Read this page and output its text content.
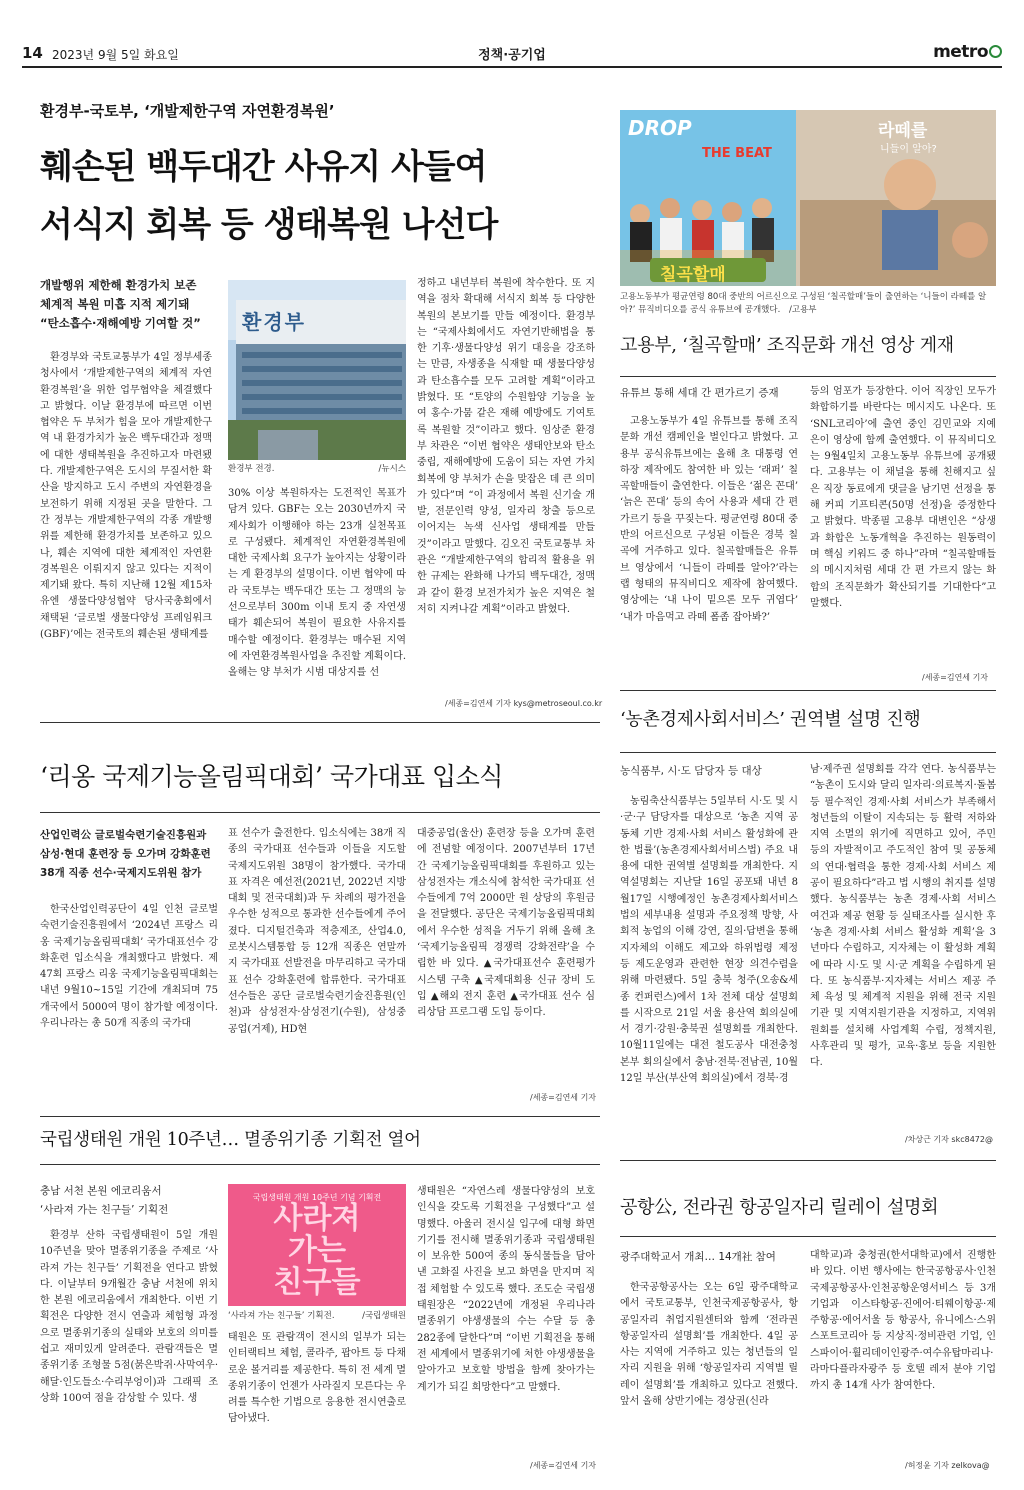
14 2023년 9월 5일 화요일	정책·공기업	metro
환경부-국토부, ‘개발제한구역 자연환경복원’
훼손된 백두대간 사유지 사들여
서식지 회복 등 생태복원 나선다
개발행위 제한해 환경가치 보존
체계적 복원 미흡 지적 제기돼
“탄소흡수·재해예방 기여할 것”

환경부와 국토교통부가 4일 정부세종청사에서 ‘개발제한구역의 체계적 자연환경복원’을 위한 업무협약을 체결했다고 밝혔다. 이날 환경부에 따르면 이번 협약은 두 부처가 힘을 모아 개발제한구역 내 환경가치가 높은 백두대간과 정맥에 대한 생태복원을 추진하고자 마련됐다. 개발제한구역은 도시의 무질서한 확산을 방지하고 도시 주변의 자연환경을 보전하기 위해 지정된 곳을 말한다. 그간 정부는 개발제한구역의 각종 개발행위를 제한해 환경가치를 보존하고 있으나, 훼손 지역에 대한 체계적인 자연환경복원은 이뤄지지 않고 있다는 지적이 제기돼 왔다. 특히 지난해 12월 제15차 유엔 생물다양성협약 당사국총회에서 채택된 ‘글로벌 생물다양성 프레임워크(GBF)’에는 전국토의 훼손된 생태계를

환경부
환경부 전경.	/뉴시스

30% 이상 복원하자는 도전적인 목표가 담겨 있다. GBF는 오는 2030년까지 국제사회가 이행해야 하는 23개 실천목표로 구성됐다. 체계적인 자연환경복원에 대한 국제사회 요구가 높아지는 상황이라는 게 환경부의 설명이다. 이번 협약에 따라 국토부는 백두대간 또는 그 정맥의 능선으로부터 300m 이내 토지 중 자연생태가 훼손되어 복원이 필요한 사유지를 매수할 예정이다. 환경부는 매수된 지역에 자연환경복원사업을 추진할 계획이다. 올해는 양 부처가 시범 대상지를 선

정하고 내년부터 복원에 착수한다. 또 지역을 점차 확대해 서식지 회복 등 다양한 복원의 본보기를 만들 예정이다. 환경부는 “국제사회에서도 자연기반해법을 통한 기후·생물다양성 위기 대응을 강조하는 만큼, 자생종을 식재할 때 생물다양성과 탄소흡수를 모두 고려할 계획”이라고 밝혔다. 또 “토양의 수원함양 기능을 높여 홍수·가뭄 같은 재해 예방에도 기여토록 복원할 것”이라고 했다. 임상준 환경부 차관은 “이번 협약은 생태안보와 탄소중립, 재해예방에 도움이 되는 자연 가치 회복에 양 부처가 손을 맞잡은 데 큰 의미가 있다”며 “이 과정에서 복원 신기술 개발, 전문인력 양성, 일자리 창출 등으로 이어지는 녹색 신사업 생태계를 만들 것”이라고 말했다. 김오진 국토교통부 차관은 “개발제한구역의 합리적 활용을 위한 규제는 완화해 나가되 백두대간, 정맥과 같이 환경 보전가치가 높은 지역은 철저히 지켜나갈 계획”이라고 밝혔다.

/세종=김연세 기자 kys@metroseoul.co.kr
DROP
THE BEAT
칠곡할매
라떼를
니들이 알아?
고용노동부가 평균연령 80대 중반의 어르신으로 구성된 ‘칠곡할매’들이 출연하는 ‘니들이 라떼를 알아?’ 뮤직비디오를 공식 유튜브에 공개했다. /고용부
고용부, ‘칠곡할매’ 조직문화 개선 영상 게재
유튜브 통해 세대 간 편가르기 증재

고용노동부가 4일 유튜브를 통해 조직문화 개선 캠페인을 벌인다고 밝혔다. 고용부 공식유튜브에는 올해 초 대통령 연하장 제작에도 참여한 바 있는 ‘래퍼’ 칠곡할매들이 출연한다. 이들은 ‘젊은 꼰대’ ‘늙은 꼰대’ 등의 속어 사용과 세대 간 편가르기 등을 꾸짖는다. 평균연령 80대 중반의 어르신으로 구성된 이들은 경북 칠곡에 거주하고 있다. 칠곡할매들은 유튜브 영상에서 ‘니들이 라떼를 알아?’라는 랩 형태의 뮤직비디오 제작에 참여했다. 영상에는 ‘내 나이 밑으론 모두 귀엽다’ ‘내가 마음먹고 라떼 폼좀 잡아봐?’

등의 엄포가 등장한다. 이어 직장인 모두가 화합하기를 바란다는 메시지도 나온다. 또 ‘SNL코리아’에 출연 중인 김민교와 지예은이 영상에 함께 출연했다. 이 뮤직비디오는 9월4일치 고용노동부 유튜브에 공개됐다. 고용부는 이 채널을 통해 친해지고 싶은 직장 동료에게 댓글을 남기면 선정을 통해 커피 기프티콘(50명 선정)을 증정한다고 밝혔다. 박종필 고용부 대변인은 “상생과 화합은 노동개혁을 추진하는 원동력이며 핵심 키워드 중 하나”라며 “칠곡할매들의 메시지처럼 세대 간 편 가르지 않는 화합의 조직문화가 확산되기를 기대한다”고 말했다.

/세종=김연세 기자
‘농촌경제사회서비스’ 권역별 설명 진행
농식품부, 시·도 담당자 등 대상

농림축산식품부는 5일부터 시·도 및 시·군·구 담당자를 대상으로 ‘농촌 지역 공동체 기반 경제·사회 서비스 활성화에 관한 법률’(농촌경제사회서비스법) 주요 내용에 대한 권역별 설명회를 개최한다. 지역설명회는 지난달 16일 공포돼 내년 8월17일 시행예정인 농촌경제사회서비스법의 세부내용 설명과 주요정책 방향, 사회적 농업의 이해 강연, 질의·답변을 통해 지자체의 이해도 제고와 하위법령 제정 등 제도운영과 관련한 현장 의견수렴을 위해 마련됐다. 5일 충북 청주(오송&세종 컨퍼런스)에서 1차 전체 대상 설명회를 시작으로 21일 서울 용산역 회의실에서 경기·강원·충북권 설명회를 개최한다. 10월11일에는 대전 철도공사 대전충청본부 회의실에서 충남·전북·전남권, 10월12일 부산(부산역 회의실)에서 경북·경

남·제주권 설명회를 각각 연다. 농식품부는 “농촌이 도시와 달리 일자리·의료복지·돌봄 등 필수적인 경제·사회 서비스가 부족해서 청년들의 이탈이 지속되는 등 활력 저하와 지역 소멸의 위기에 직면하고 있어, 주민 등의 자발적이고 주도적인 참여 및 공동체의 연대·협력을 통한 경제·사회 서비스 제공이 필요하다”라고 법 시행의 취지를 설명했다. 농식품부는 농촌 경제·사회 서비스 여건과 제공 현황 등 실태조사를 실시한 후 ‘농촌 경제·사회 서비스 활성화 계획’을 3년마다 수립하고, 지자체는 이 활성화 계획에 따라 시·도 및 시·군 계획을 수립하게 된다. 또 농식품부·지자체는 서비스 제공 주체 육성 및 체계적 지원을 위해 전국 지원기관 및 지역지원기관을 지정하고, 지역위원회를 설치해 사업계획 수립, 정책지원, 사후관리 및 평가, 교육·홍보 등을 지원한다.

/차상근 기자 skc8472@
‘리옹 국제기능올림픽대회’ 국가대표 입소식
산업인력公 글로벌숙련기술진흥원과
삼성·현대 훈련장 등 오가며 강화훈련
38개 직종 선수·국제지도위원 참가

한국산업인력공단이 4일 인천 글로벌숙련기술진흥원에서 ‘2024년 프랑스 리옹 국제기능올림픽대회’ 국가대표선수 강화훈련 입소식을 개최했다고 밝혔다. 제47회 프랑스 리옹 국제기능올림픽대회는 내년 9월10~15일 기간에 개최되며 75개국에서 5000여 명이 참가할 예정이다. 우리나라는 총 50개 직종의 국가대

표 선수가 출전한다. 입소식에는 38개 직종의 국가대표 선수들과 이들을 지도할 국제지도위원 38명이 참가했다. 국가대표 자격은 예선전(2021년, 2022년 지방대회 및 전국대회)과 두 차례의 평가전을 우수한 성적으로 통과한 선수들에게 주어졌다. 디지털건축과 적층제조, 산업4.0, 로봇시스템통합 등 12개 직종은 연말까지 국가대표 선발전을 마무리하고 국가대표 선수 강화훈련에 합류한다. 국가대표 선수들은 공단 글로벌숙련기술진흥원(인천)과 삼성전자·삼성전기(수원), 삼성중공업(거제), HD현

대중공업(울산) 훈련장 등을 오가며 훈련에 전념할 예정이다. 2007년부터 17년간 국제기능올림픽대회를 후원하고 있는 삼성전자는 개소식에 참석한 국가대표 선수들에게 7억 2000만 원 상당의 후원금을 전달했다. 공단은 국제기능올림픽대회에서 우수한 성적을 거두기 위해 올해 초 ‘국제기능올림픽 경쟁력 강화전략’을 수립한 바 있다. ▲국가대표선수 훈련평가 시스템 구축 ▲국제대회용 신규 장비 도입 ▲해외 전지 훈련 ▲국가대표 선수 심리상담 프로그램 도입 등이다.

/세종=김연세 기자
국립생태원 개원 10주년… 멸종위기종 기획전 열어
충남 서천 본원 에코리움서
‘사라져 가는 친구들’ 기획전

환경부 산하 국립생태원이 5일 개원 10주년을 맞아 멸종위기종을 주제로 ‘사라져 가는 친구들’ 기획전을 연다고 밝혔다. 이날부터 9개월간 충남 서천에 위치한 본원 에코리움에서 개최한다. 이번 기획전은 다양한 전시 연출과 체험형 과정으로 멸종위기종의 실태와 보호의 의미를 쉽고 재미있게 알려준다. 관람객들은 멸종위기종 조형물 5점(붉은박쥐·사막여우·해달·인도들소·수리부엉이)과 그래픽 조상화 100여 점을 감상할 수 있다. 생

국립생태원 개원 10주년 기념 기획전
사라져
가는
친구들
‘사라져 가는 친구들’ 기획전.	/국립생태원

태원은 또 관람객이 전시의 일부가 되는 인터랙티브 체험, 콜라주, 팝아트 등 다채로운 볼거리를 제공한다. 특히 전 세계 멸종위기종이 언젠가 사라질지 모른다는 우려를 특수한 기법으로 응용한 전시연출로 담아냈다.

생태원은 “자연스레 생물다양성의 보호 인식을 갖도록 기획전을 구성했다”고 설명했다. 아울러 전시실 입구에 대형 화면기기를 전시해 멸종위기종과 국립생태원이 보유한 500여 종의 동식물들을 담아낸 고화질 사진을 보고 화면을 만지며 직접 체험할 수 있도록 했다. 조도순 국립생태원장은 “2022년에 개정된 우리나라 멸종위기 야생생물의 수는 수달 등 총 282종에 달한다”며 “이번 기획전을 통해 전 세계에서 멸종위기에 처한 야생생물을 알아가고 보호할 방법을 함께 찾아가는 계기가 되길 희망한다”고 말했다.

/세종=김연세 기자
공항公, 전라권 항공일자리 릴레이 설명회
광주대학교서 개최… 14개社 참여

한국공항공사는 오는 6일 광주대학교에서 국토교통부, 인천국제공항공사, 항공일자리 취업지원센터와 함께 ‘전라권 항공일자리 설명회’를 개최한다. 4일 공사는 지역에 거주하고 있는 청년들의 일자리 지원을 위해 ‘항공일자리 지역별 릴레이 설명회’를 개최하고 있다고 전했다. 앞서 올해 상반기에는 경상권(신라

대학교)과 충청권(한서대학교)에서 진행한 바 있다. 이번 행사에는 한국공항공사·인천국제공항공사·인천공항운영서비스 등 3개 기업과 이스타항공·진에어·티웨이항공·제주항공·에어서울 등 항공사, 유니에스·스위스포트코리아 등 지상직·정비관련 기업, 인스파이어·휠리데이인광주·여수유탑마리나·라마다플라자광주 등 호텔 레저 분야 기업까지 총 14개 사가 참여한다.

/허정윤 기자 zelkova@
